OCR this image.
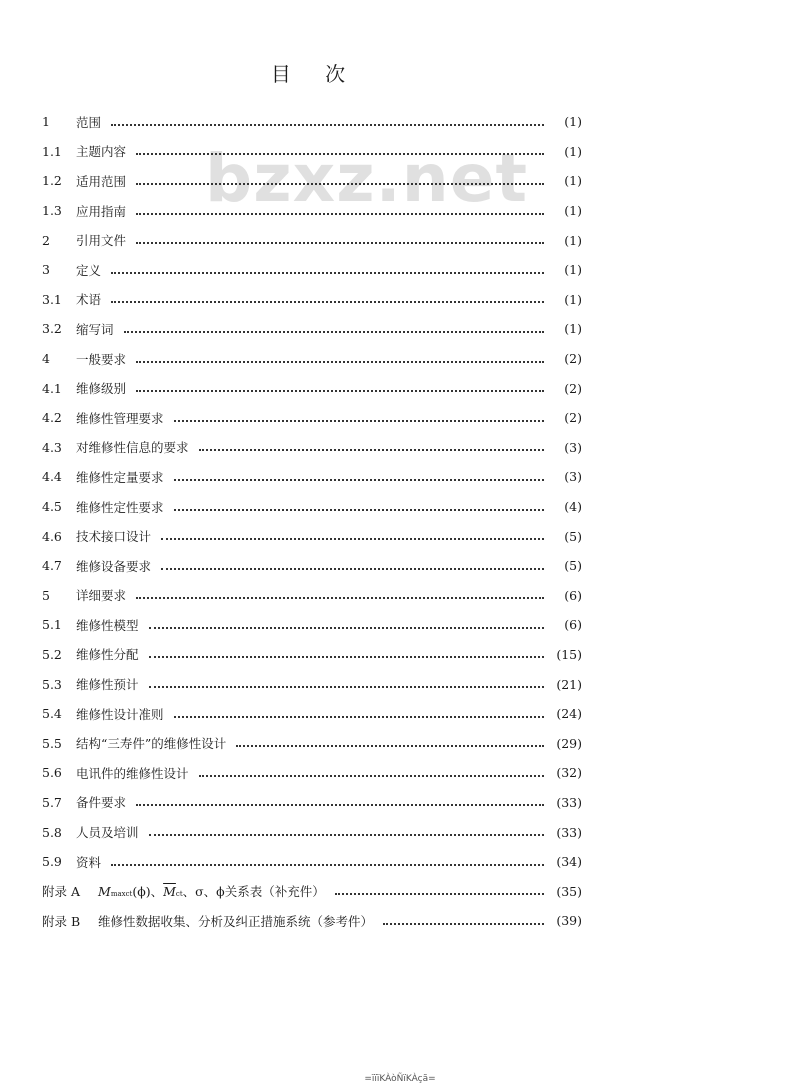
目 次
bzxz.net
1	范围	(1)
1.1	主题内容	(1)
1.2	适用范围	(1)
1.3	应用指南	(1)
2	引用文件	(1)
3	定义	(1)
3.1	术语	(1)
3.2	缩写词	(1)
4	一般要求	(2)
4.1	维修级别	(2)
4.2	维修性管理要求	(2)
4.3	对维修性信息的要求	(3)
4.4	维修性定量要求	(3)
4.5	维修性定性要求	(4)
4.6	技术接口设计	(5)
4.7	维修设备要求	(5)
5	详细要求	(6)
5.1	维修性模型	(6)
5.2	维修性分配	(15)
5.3	维修性预计	(21)
5.4	维修性设计准则	(24)
5.5	结构“三寿件”的维修性设计	(29)
5.6	电讯件的维修性设计	(32)
5.7	备件要求	(33)
5.8	人员及培训	(33)
5.9	资料	(34)
附录 A	Mmaxct(ϕ)、$\overline{M}ct$、σ、ϕ关系表（补充件）	(35)
附录 B	维修性数据收集、分析及纠正措施系统（参考件）	(39)
=ïïïKÀòÑïKÀçã=
